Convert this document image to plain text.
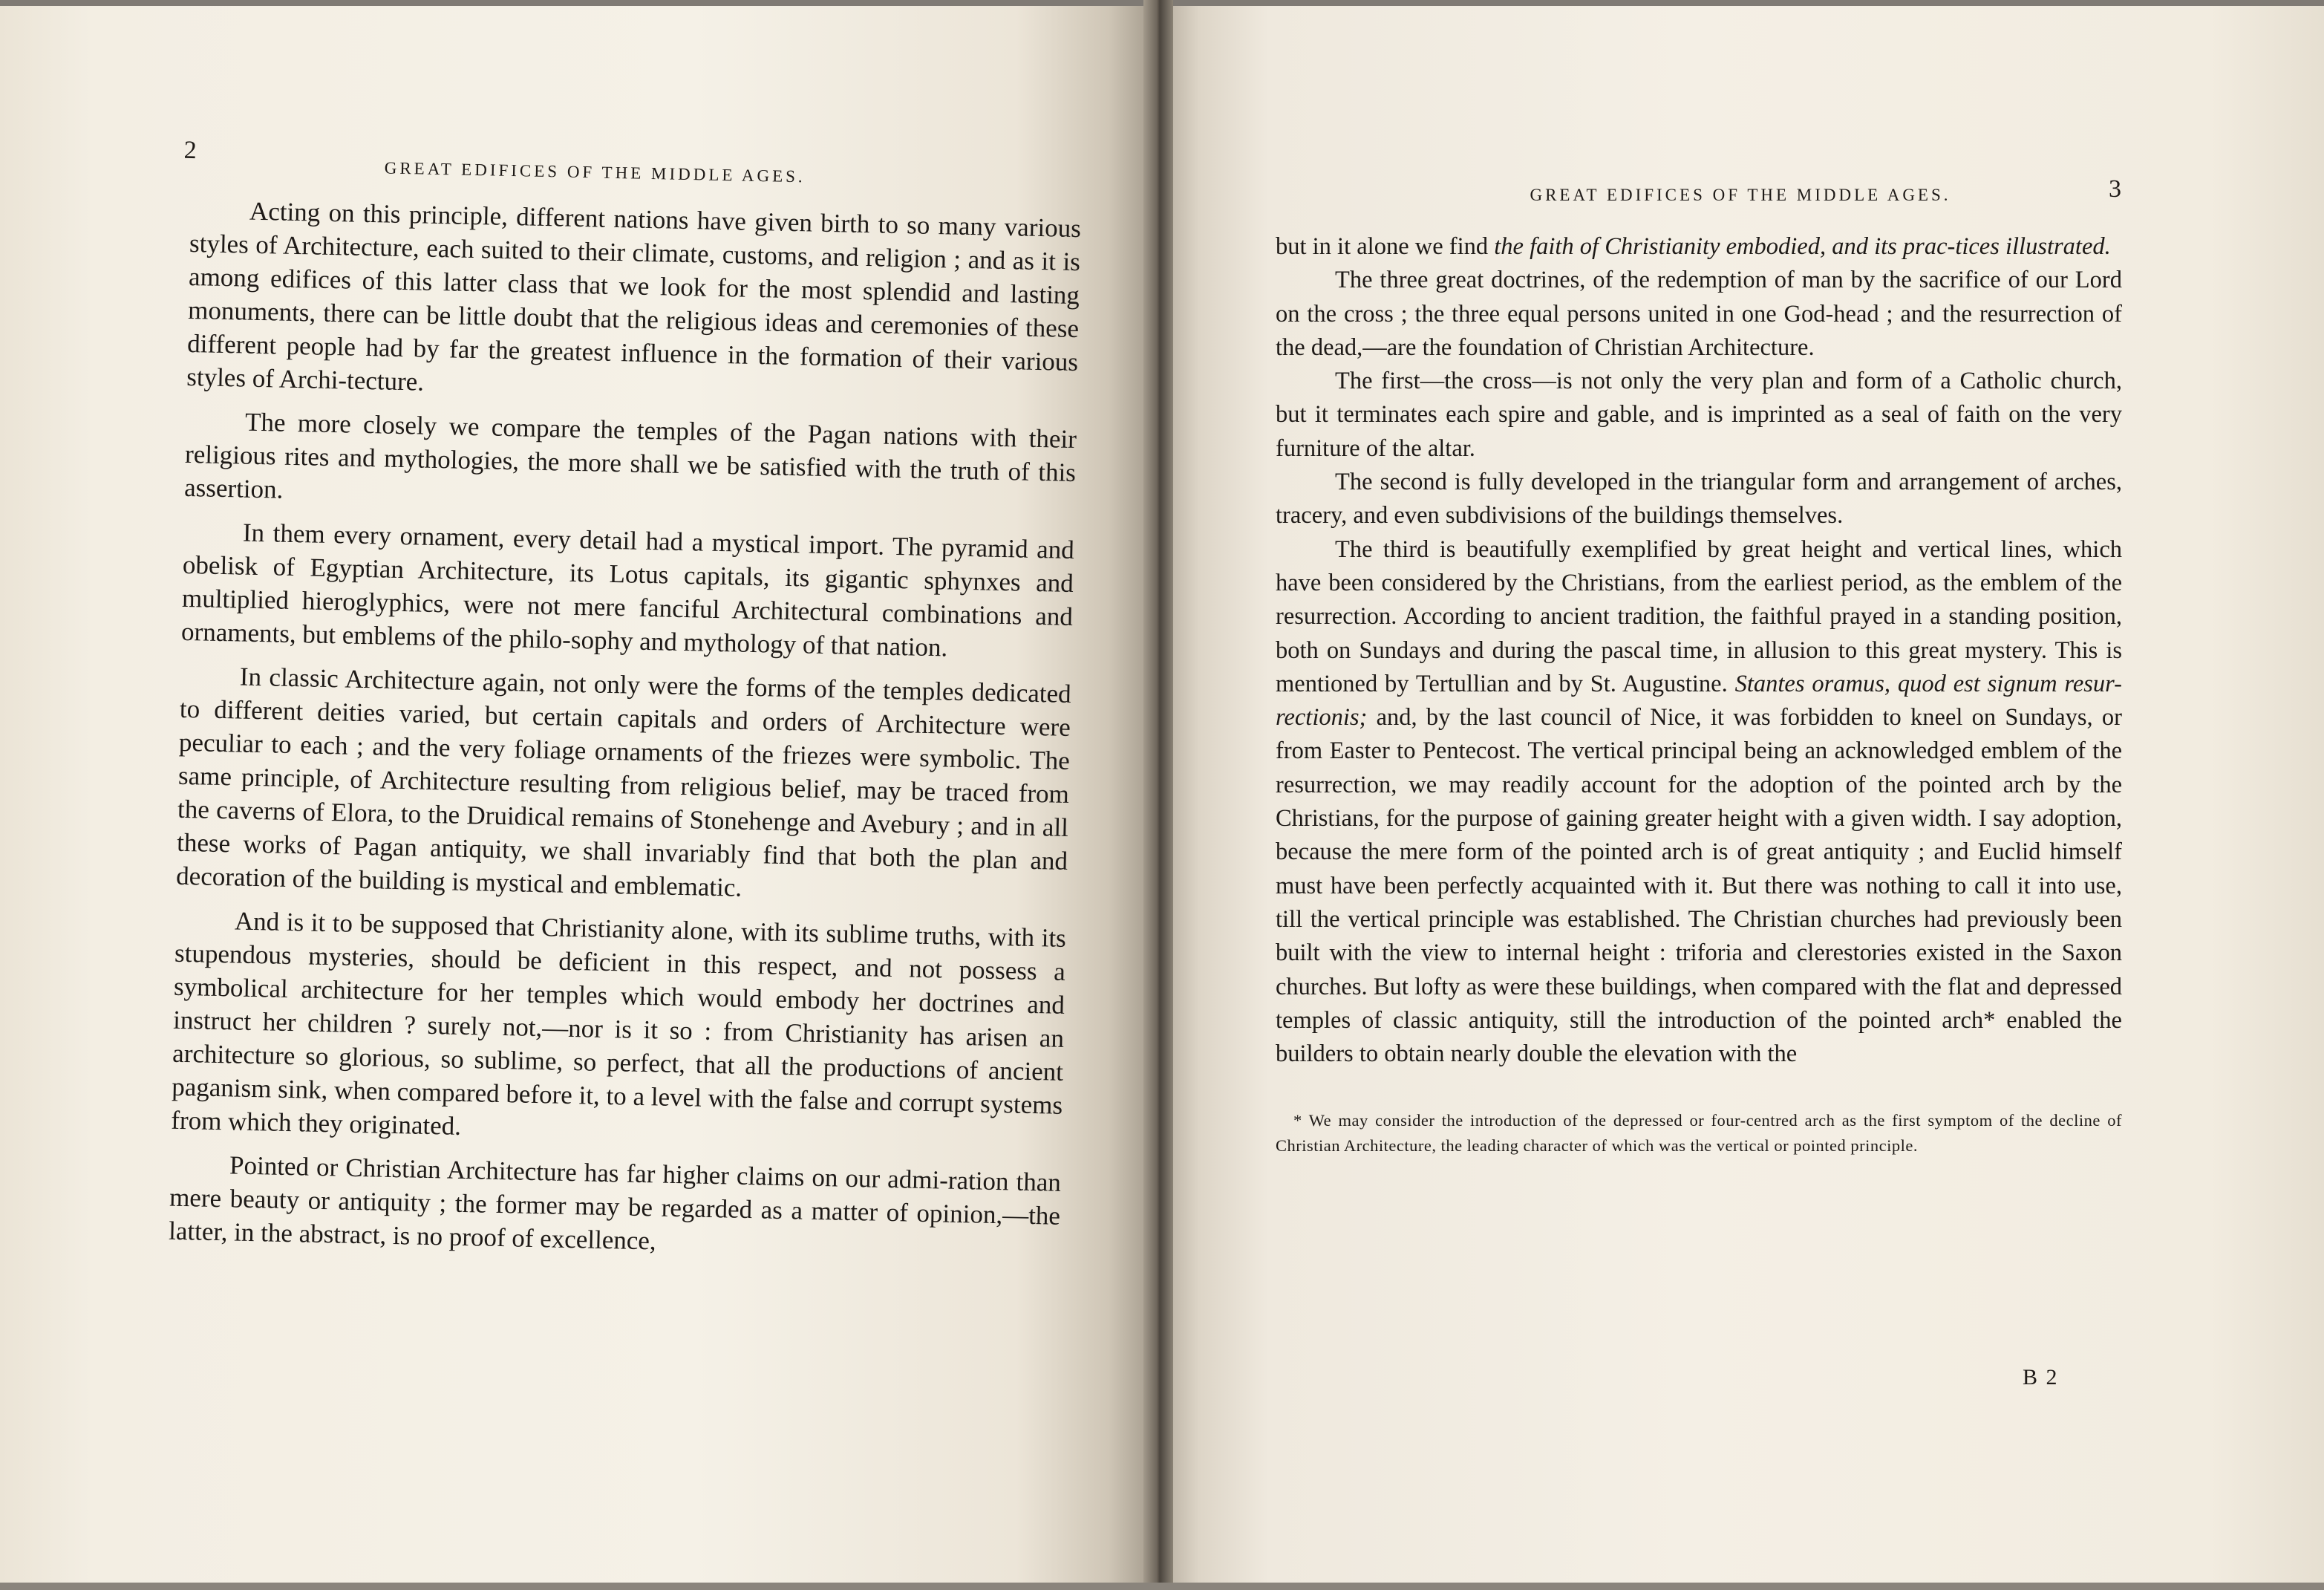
2
GREAT EDIFICES OF THE MIDDLE AGES.

Acting on this principle, different nations have given birth to so many various styles of Architecture, each suited to their climate, customs, and religion ; and as it is among edifices of this latter class that we look for the most splendid and lasting monuments, there can be little doubt that the religious ideas and ceremonies of these different people had by far the greatest influence in the formation of their various styles of Archi-tecture.

The more closely we compare the temples of the Pagan nations with their religious rites and mythologies, the more shall we be satisfied with the truth of this assertion.

In them every ornament, every detail had a mystical import. The pyramid and obelisk of Egyptian Architecture, its Lotus capitals, its gigantic sphynxes and multiplied hieroglyphics, were not mere fanciful Architectural combinations and ornaments, but emblems of the philo-sophy and mythology of that nation.

In classic Architecture again, not only were the forms of the temples dedicated to different deities varied, but certain capitals and orders of Architecture were peculiar to each ; and the very foliage ornaments of the friezes were symbolic. The same principle, of Architecture resulting from religious belief, may be traced from the caverns of Elora, to the Druidical remains of Stonehenge and Avebury ; and in all these works of Pagan antiquity, we shall invariably find that both the plan and decoration of the building is mystical and emblematic.

And is it to be supposed that Christianity alone, with its sublime truths, with its stupendous mysteries, should be deficient in this respect, and not possess a symbolical architecture for her temples which would embody her doctrines and instruct her children ? surely not,—nor is it so : from Christianity has arisen an architecture so glorious, so sublime, so perfect, that all the productions of ancient paganism sink, when compared before it, to a level with the false and corrupt systems from which they originated.

Pointed or Christian Architecture has far higher claims on our admi-ration than mere beauty or antiquity ; the former may be regarded as a matter of opinion,—the latter, in the abstract, is no proof of excellence,

GREAT EDIFICES OF THE MIDDLE AGES.	3

but in it alone we find the faith of Christianity embodied, and its prac-tices illustrated.

The three great doctrines, of the redemption of man by the sacrifice of our Lord on the cross ; the three equal persons united in one God-head ; and the resurrection of the dead,—are the foundation of Christian Architecture.

The first—the cross—is not only the very plan and form of a Catholic church, but it terminates each spire and gable, and is imprinted as a seal of faith on the very furniture of the altar.

The second is fully developed in the triangular form and arrangement of arches, tracery, and even subdivisions of the buildings themselves.

The third is beautifully exemplified by great height and vertical lines, which have been considered by the Christians, from the earliest period, as the emblem of the resurrection. According to ancient tradition, the faithful prayed in a standing position, both on Sundays and during the pascal time, in allusion to this great mystery. This is mentioned by Tertullian and by St. Augustine. Stantes oramus, quod est signum resur-rectionis; and, by the last council of Nice, it was forbidden to kneel on Sundays, or from Easter to Pentecost. The vertical principal being an acknowledged emblem of the resurrection, we may readily account for the adoption of the pointed arch by the Christians, for the purpose of gaining greater height with a given width. I say adoption, because the mere form of the pointed arch is of great antiquity ; and Euclid himself must have been perfectly acquainted with it. But there was nothing to call it into use, till the vertical principle was established. The Christian churches had previously been built with the view to internal height : triforia and clerestories existed in the Saxon churches. But lofty as were these buildings, when compared with the flat and depressed temples of classic antiquity, still the introduction of the pointed arch* enabled the builders to obtain nearly double the elevation with the

* We may consider the introduction of the depressed or four-centred arch as the first symptom of the decline of Christian Architecture, the leading character of which was the vertical or pointed principle.
B 2
